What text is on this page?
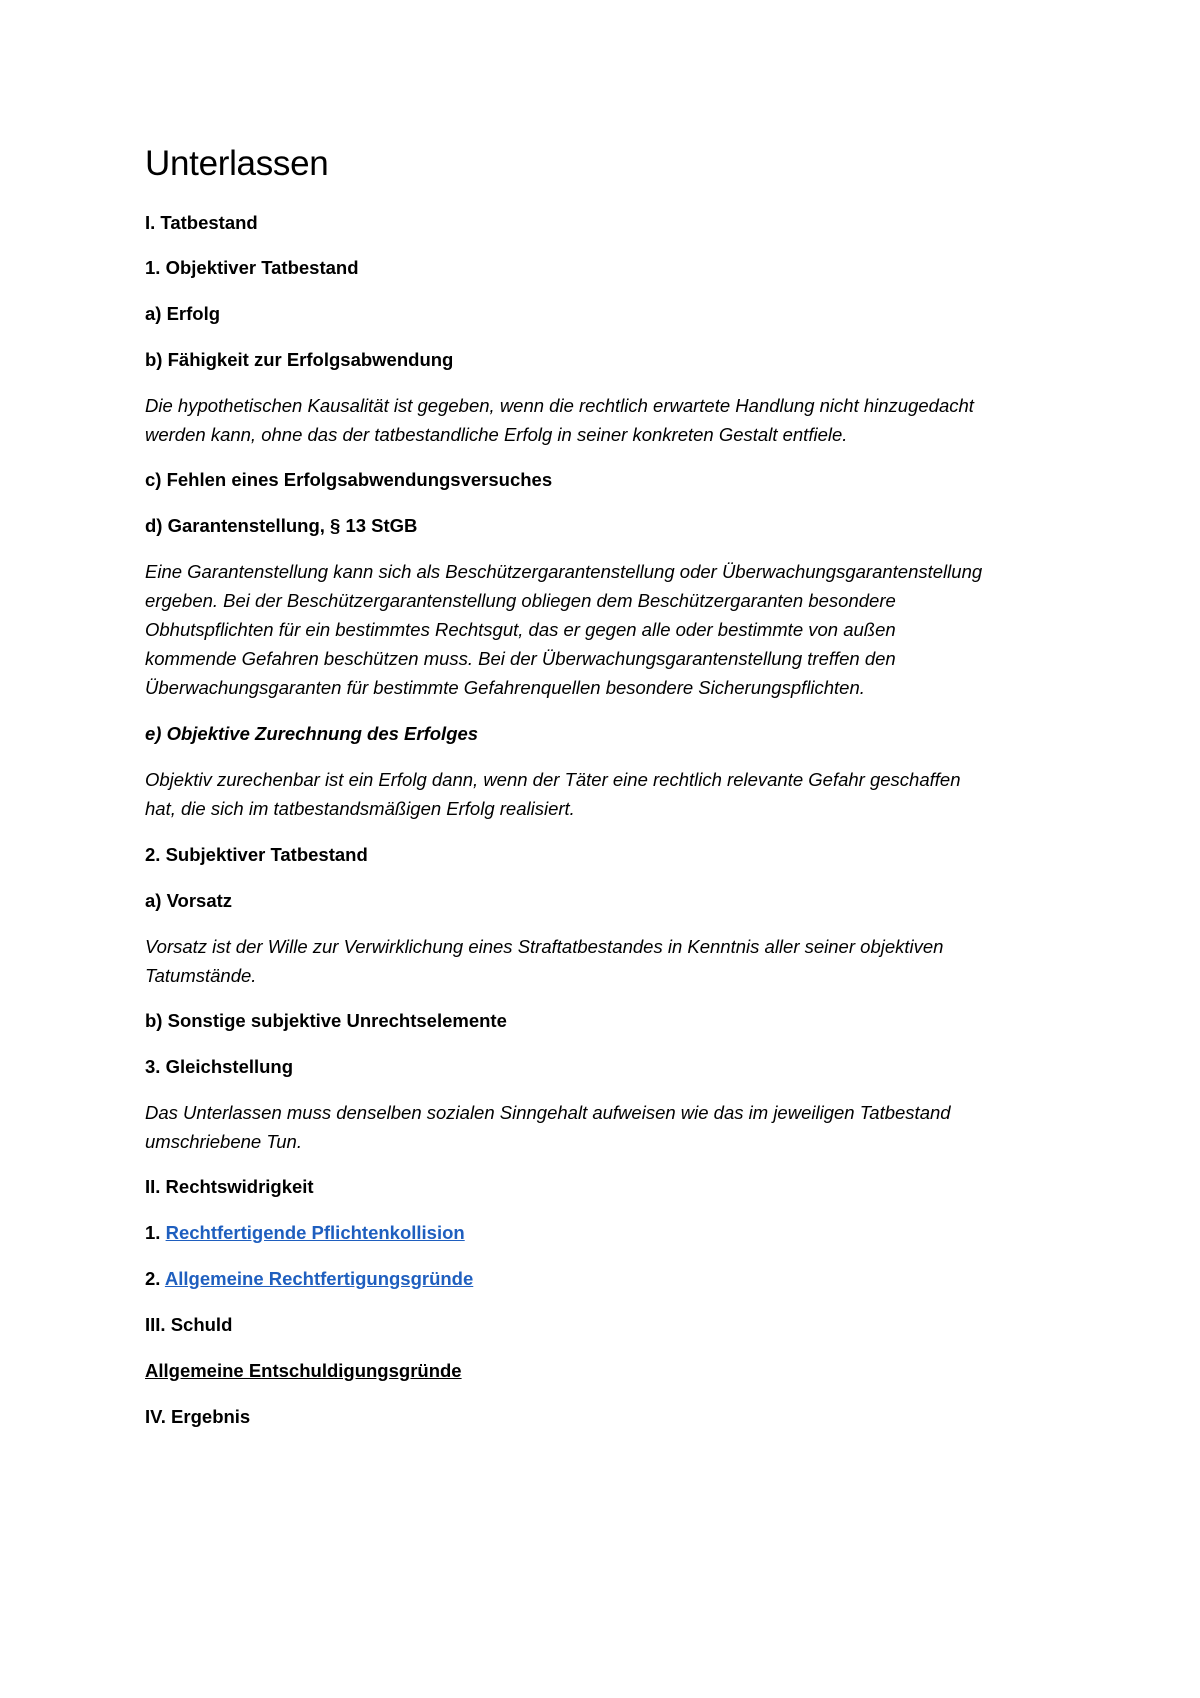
Unterlassen

I. Tatbestand

1. Objektiver Tatbestand

a) Erfolg

b) Fähigkeit zur Erfolgsabwendung

Die hypothetischen Kausalität ist gegeben, wenn die rechtlich erwartete Handlung nicht hinzugedacht

werden kann, ohne das der tatbestandliche Erfolg in seiner konkreten Gestalt entfiele.

c) Fehlen eines Erfolgsabwendungsversuches

d) Garantenstellung, § 13 StGB

Eine Garantenstellung kann sich als Beschützergarantenstellung oder Überwachungsgarantenstellung

ergeben. Bei der Beschützergarantenstellung obliegen dem Beschützergaranten besondere

Obhutspflichten für ein bestimmtes Rechtsgut, das er gegen alle oder bestimmte von außen

kommende Gefahren beschützen muss. Bei der Überwachungsgarantenstellung treffen den

Überwachungsgaranten für bestimmte Gefahrenquellen besondere Sicherungspflichten.

e) Objektive Zurechnung des Erfolges

Objektiv zurechenbar ist ein Erfolg dann, wenn der Täter eine rechtlich relevante Gefahr geschaffen

hat, die sich im tatbestandsmäßigen Erfolg realisiert.

2. Subjektiver Tatbestand

a) Vorsatz

Vorsatz ist der Wille zur Verwirklichung eines Straftatbestandes in Kenntnis aller seiner objektiven

Tatumstände.

b) Sonstige subjektive Unrechtselemente

3. Gleichstellung

Das Unterlassen muss denselben sozialen Sinngehalt aufweisen wie das im jeweiligen Tatbestand

umschriebene Tun.

II. Rechtswidrigkeit

1. Rechtfertigende Pflichtenkollision

2. Allgemeine Rechtfertigungsgründe

III. Schuld

Allgemeine Entschuldigungsgründe

IV. Ergebnis
